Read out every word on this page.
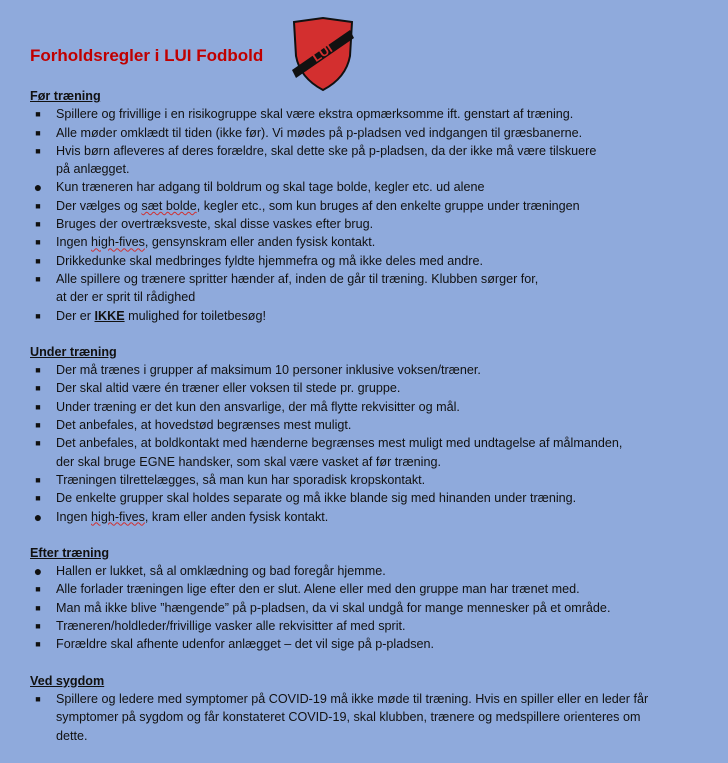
Forholdsregler i LUI Fodbold	LUI
Før træning
■ Spillere og frivillige i en risikogruppe skal være ekstra opmærksomme ift. genstart af træning.
■ Alle møder omklædt til tiden (ikke før). Vi mødes på p-pladsen ved indgangen til græsbanerne.
■ Hvis børn afleveres af deres forældre, skal dette ske på p-pladsen, da der ikke må være tilskuere
på anlægget.
● Kun træneren har adgang til boldrum og skal tage bolde, kegler etc. ud alene
■ Der vælges og sæt bolde, kegler etc., som kun bruges af den enkelte gruppe under træningen
■ Bruges der overtræksveste, skal disse vaskes efter brug.
■ Ingen high-fives, gensynskram eller anden fysisk kontakt.
■ Drikkedunke skal medbringes fyldte hjemmefra og må ikke deles med andre.
■ Alle spillere og trænere spritter hænder af, inden de går til træning. Klubben sørger for,
at der er sprit til rådighed
■ Der er IKKE mulighed for toiletbesøg!
Under træning
■ Der må trænes i grupper af maksimum 10 personer inklusive voksen/træner.
■ Der skal altid være én træner eller voksen til stede pr. gruppe.
■ Under træning er det kun den ansvarlige, der må flytte rekvisitter og mål.
■ Det anbefales, at hovedstød begrænses mest muligt.
■ Det anbefales, at boldkontakt med hænderne begrænses mest muligt med undtagelse af målmanden,
der skal bruge EGNE handsker, som skal være vasket af før træning.
■ Træningen tilrettelægges, så man kun har sporadisk kropskontakt.
■ De enkelte grupper skal holdes separate og må ikke blande sig med hinanden under træning.
● Ingen high-fives, kram eller anden fysisk kontakt.
Efter træning
● Hallen er lukket, så al omklædning og bad foregår hjemme.
■ Alle forlader træningen lige efter den er slut. Alene eller med den gruppe man har trænet med.
■ Man må ikke blive ”hængende” på p-pladsen, da vi skal undgå for mange mennesker på et område.
■ Træneren/holdleder/frivillige vasker alle rekvisitter af med sprit.
■ Forældre skal afhente udenfor anlægget – det vil sige på p-pladsen.
Ved sygdom
■ Spillere og ledere med symptomer på COVID-19 må ikke møde til træning. Hvis en spiller eller en leder får
symptomer på sygdom og får konstateret COVID-19, skal klubben, trænere og medspillere orienteres om
dette.
